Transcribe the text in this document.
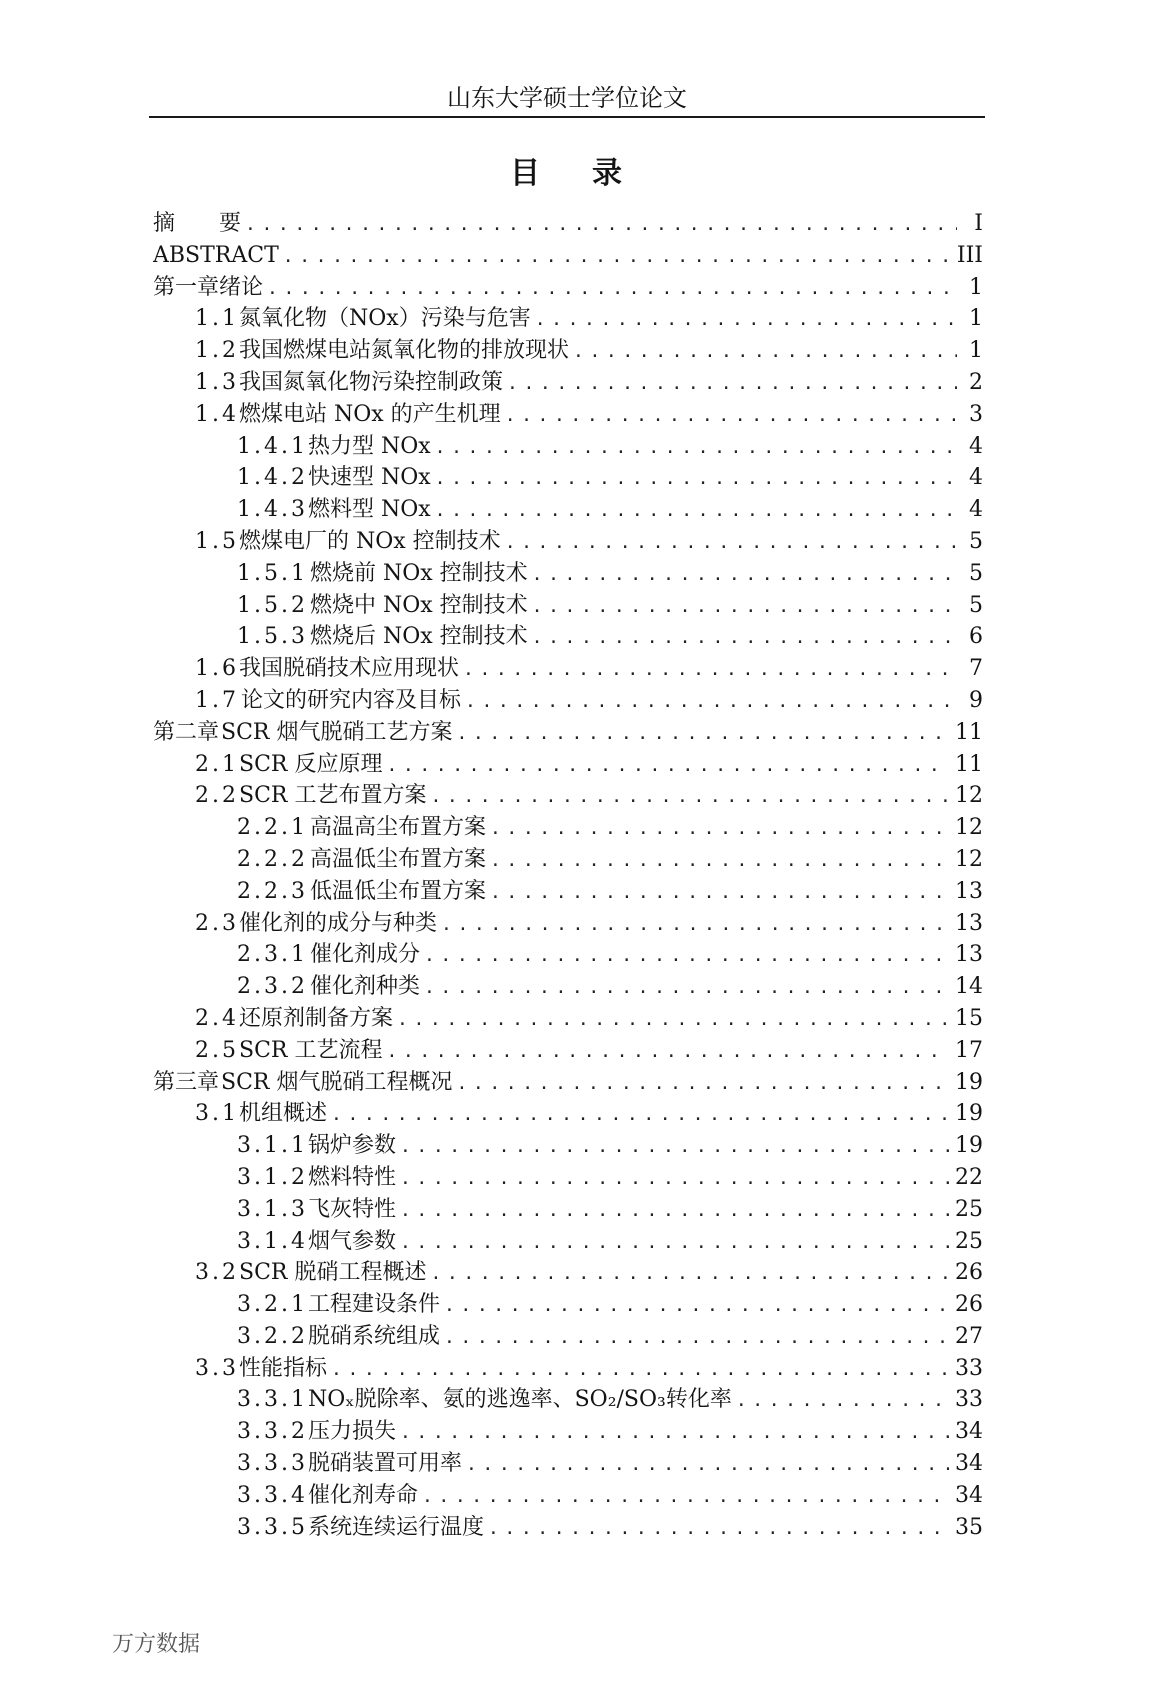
山东大学硕士学位论文
目 录
摘　　要 .....	I
ABSTRACT .....	III
第一章 绪论 .....	1
1.1 氮氧化物（NOx）污染与危害 .....	1
1.2 我国燃煤电站氮氧化物的排放现状 .....	1
1.3 我国氮氧化物污染控制政策 .....	2
1.4 燃煤电站 NOx 的产生机理 .....	3
1.4.1 热力型 NOx .....	4
1.4.2 快速型 NOx .....	4
1.4.3 燃料型 NOx .....	4
1.5 燃煤电厂的 NOx 控制技术 .....	5
1.5.1 燃烧前 NOx 控制技术 .....	5
1.5.2 燃烧中 NOx 控制技术 .....	5
1.5.3 燃烧后 NOx 控制技术 .....	6
1.6 我国脱硝技术应用现状 .....	7
1.7 论文的研究内容及目标 .....	9
第二章 SCR 烟气脱硝工艺方案 .....	11
2.1 SCR 反应原理 .....	11
2.2 SCR 工艺布置方案 .....	12
2.2.1 高温高尘布置方案 .....	12
2.2.2 高温低尘布置方案 .....	12
2.2.3 低温低尘布置方案 .....	13
2.3 催化剂的成分与种类 .....	13
2.3.1 催化剂成分 .....	13
2.3.2 催化剂种类 .....	14
2.4 还原剂制备方案 .....	15
2.5 SCR 工艺流程 .....	17
第三章 SCR 烟气脱硝工程概况 .....	19
3.1 机组概述 .....	19
3.1.1 锅炉参数 .....	19
3.1.2 燃料特性 .....	22
3.1.3 飞灰特性 .....	25
3.1.4 烟气参数 .....	25
3.2 SCR 脱硝工程概述 .....	26
3.2.1 工程建设条件 .....	26
3.2.2 脱硝系统组成 .....	27
3.3 性能指标 .....	33
3.3.1 NOₓ脱除率、氨的逃逸率、SO₂/SO₃转化率 .....	33
3.3.2 压力损失 .....	34
3.3.3 脱硝装置可用率 .....	34
3.3.4 催化剂寿命 .....	34
3.3.5 系统连续运行温度 .....	35
万方数据
